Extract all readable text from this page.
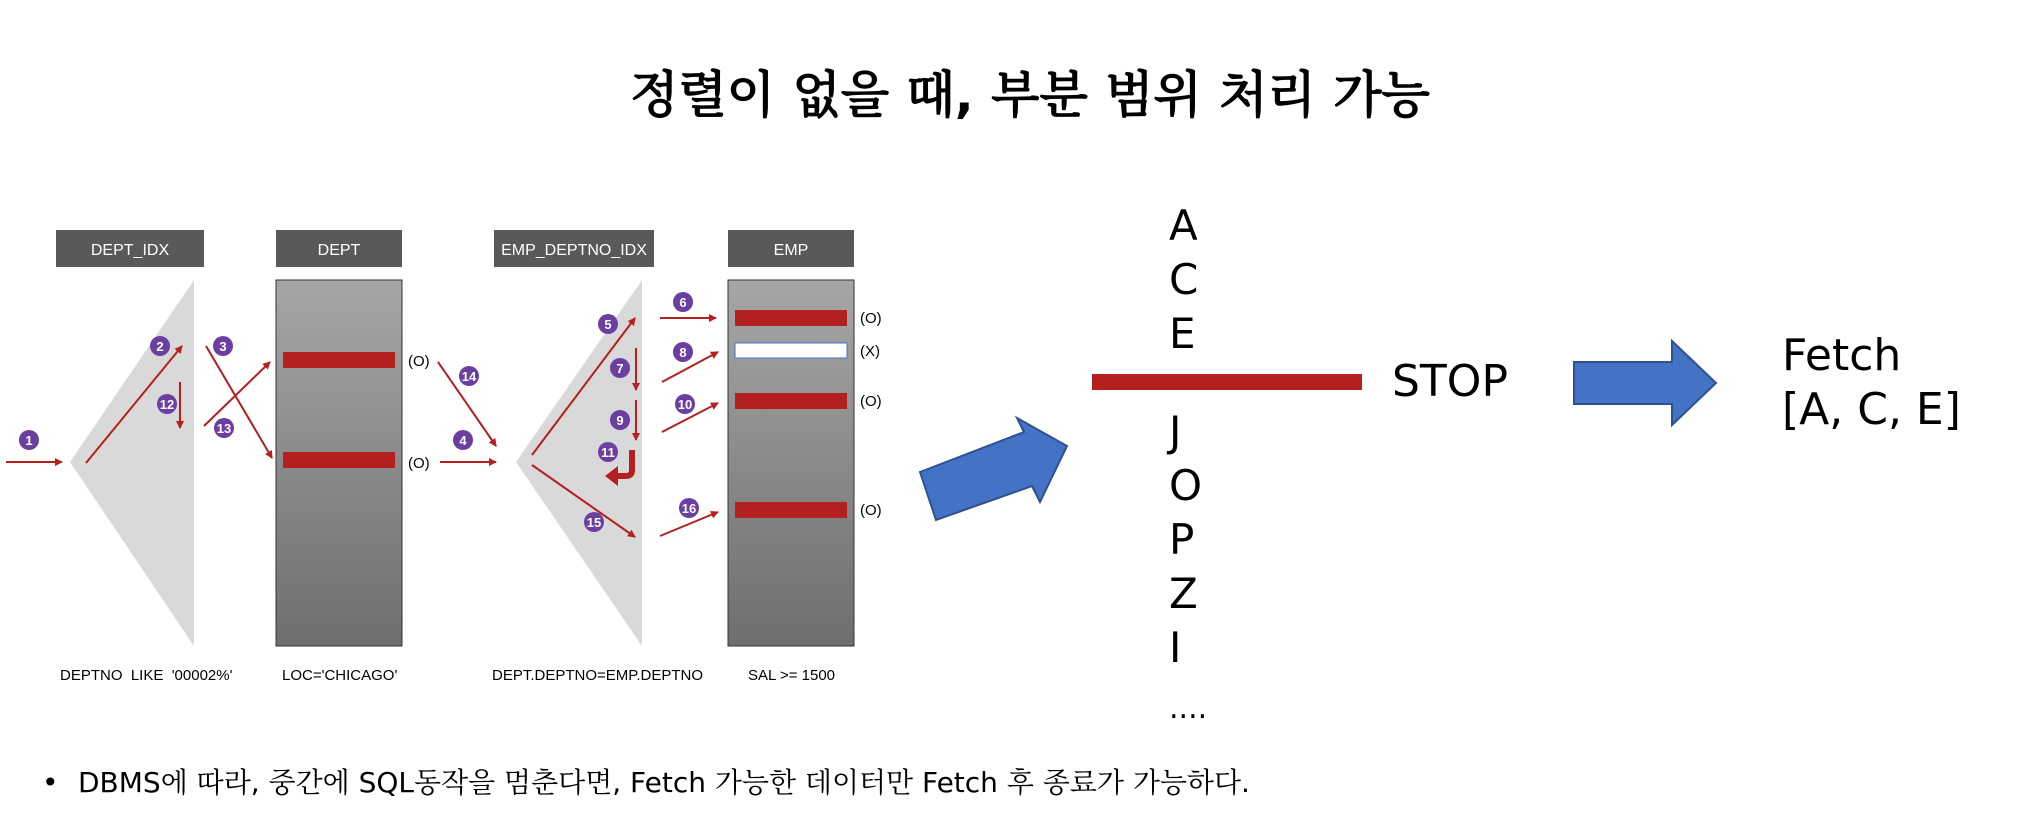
정렬이 없을 때, 부분 범위 처리 가능
DEPT_IDX	DEPT	EMP_DEPTNO_IDX	EMP
(O)
(O)
(O)
(X)
(O)
(O)
1
2	3
4
5
6
7
8
9
10
11
12
13
14
15
16
DEPTNO  LIKE  '00002%'	LOC='CHICAGO'	DEPT.DEPTNO=EMP.DEPTNO	SAL >= 1500
A
C
E
STOP
J
O
P
Z
I
....
Fetch
[A, C, E]
• DBMS에 따라, 중간에 SQL동작을 멈춘다면, Fetch 가능한 데이터만 Fetch 후 종료가 가능하다.
